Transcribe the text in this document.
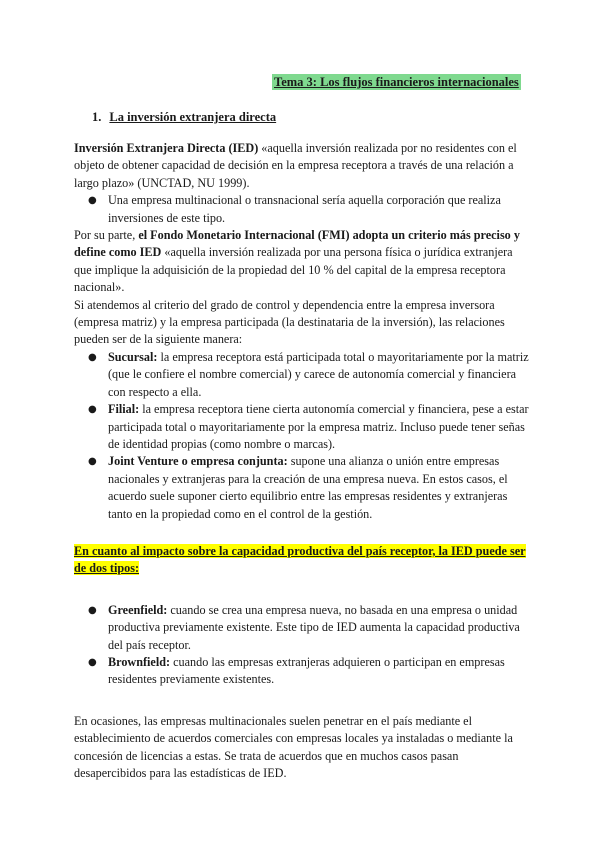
Tema 3: Los flujos financieros internacionales
1. La inversión extranjera directa

Inversión Extranjera Directa (IED) «aquella inversión realizada por no residentes con el objeto de obtener capacidad de decisión en la empresa receptora a través de una relación a largo plazo» (UNCTAD, NU 1999).

● Una empresa multinacional o transnacional sería aquella corporación que realiza inversiones de este tipo.

Por su parte, el Fondo Monetario Internacional (FMI) adopta un criterio más preciso y define como IED «aquella inversión realizada por una persona física o jurídica extranjera que implique la adquisición de la propiedad del 10 % del capital de la empresa receptora nacional».

Si atendemos al criterio del grado de control y dependencia entre la empresa inversora (empresa matriz) y la empresa participada (la destinataria de la inversión), las relaciones pueden ser de la siguiente manera:

● Sucursal: la empresa receptora está participada total o mayoritariamente por la matriz (que le confiere el nombre comercial) y carece de autonomía comercial y financiera con respecto a ella.
● Filial: la empresa receptora tiene cierta autonomía comercial y financiera, pese a estar participada total o mayoritariamente por la empresa matriz. Incluso puede tener señas de identidad propias (como nombre o marcas).
● Joint Venture o empresa conjunta: supone una alianza o unión entre empresas nacionales y extranjeras para la creación de una empresa nueva. En estos casos, el acuerdo suele suponer cierto equilibrio entre las empresas residentes y extranjeras tanto en la propiedad como en el control de la gestión.

En cuanto al impacto sobre la capacidad productiva del país receptor, la IED puede ser de dos tipos:

● Greenfield: cuando se crea una empresa nueva, no basada en una empresa o unidad productiva previamente existente. Este tipo de IED aumenta la capacidad productiva del país receptor.
● Brownfield: cuando las empresas extranjeras adquieren o participan en empresas residentes previamente existentes.

En ocasiones, las empresas multinacionales suelen penetrar en el país mediante el establecimiento de acuerdos comerciales con empresas locales ya instaladas o mediante la concesión de licencias a estas. Se trata de acuerdos que en muchos casos pasan desapercibidos para las estadísticas de IED.
